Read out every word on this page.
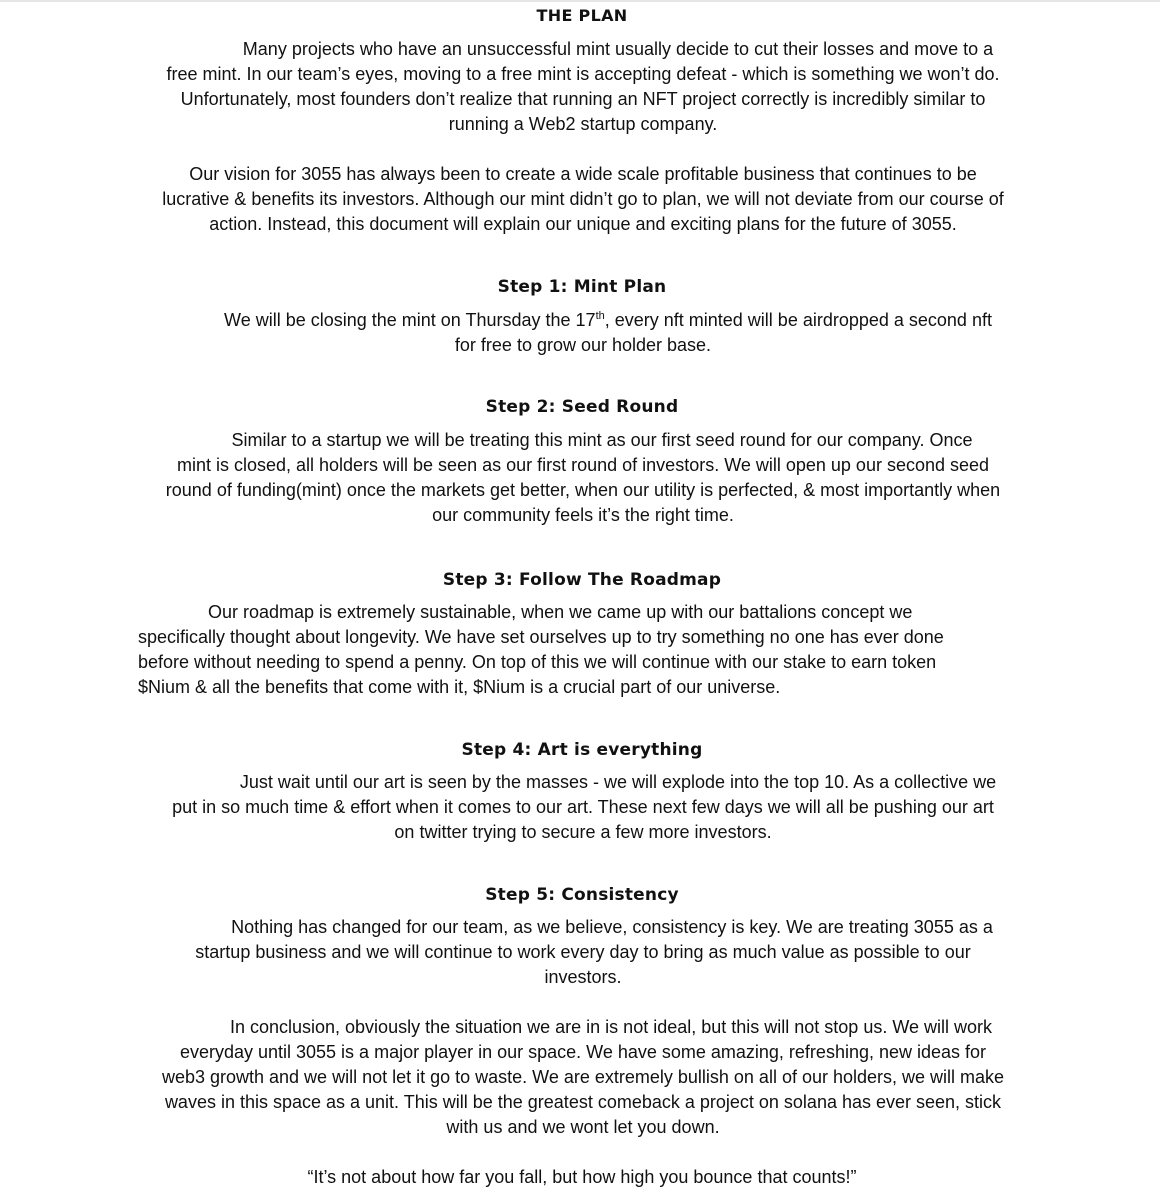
THE PLAN

Many projects who have an unsuccessful mint usually decide to cut their losses and move to a
free mint. In our team’s eyes, moving to a free mint is accepting defeat - which is something we won’t do.
Unfortunately, most founders don’t realize that running an NFT project correctly is incredibly similar to
running a Web2 startup company.

Our vision for 3055 has always been to create a wide scale profitable business that continues to be
lucrative & benefits its investors. Although our mint didn’t go to plan, we will not deviate from our course of
action. Instead, this document will explain our unique and exciting plans for the future of 3055.

Step 1: Mint Plan

We will be closing the mint on Thursday the 17th, every nft minted will be airdropped a second nft
for free to grow our holder base.

Step 2: Seed Round

Similar to a startup we will be treating this mint as our first seed round for our company. Once
mint is closed, all holders will be seen as our first round of investors. We will open up our second seed
round of funding(mint) once the markets get better, when our utility is perfected, & most importantly when
our community feels it’s the right time.

Step 3: Follow The Roadmap

Our roadmap is extremely sustainable, when we came up with our battalions concept we
specifically thought about longevity. We have set ourselves up to try something no one has ever done
before without needing to spend a penny. On top of this we will continue with our stake to earn token
$Nium & all the benefits that come with it, $Nium is a crucial part of our universe.

Step 4: Art is everything

Just wait until our art is seen by the masses - we will explode into the top 10. As a collective we
put in so much time & effort when it comes to our art. These next few days we will all be pushing our art
on twitter trying to secure a few more investors.

Step 5: Consistency

Nothing has changed for our team, as we believe, consistency is key. We are treating 3055 as a
startup business and we will continue to work every day to bring as much value as possible to our
investors.

In conclusion, obviously the situation we are in is not ideal, but this will not stop us. We will work
everyday until 3055 is a major player in our space. We have some amazing, refreshing, new ideas for
web3 growth and we will not let it go to waste. We are extremely bullish on all of our holders, we will make
waves in this space as a unit. This will be the greatest comeback a project on solana has ever seen, stick
with us and we wont let you down.

“It’s not about how far you fall, but how high you bounce that counts!”
